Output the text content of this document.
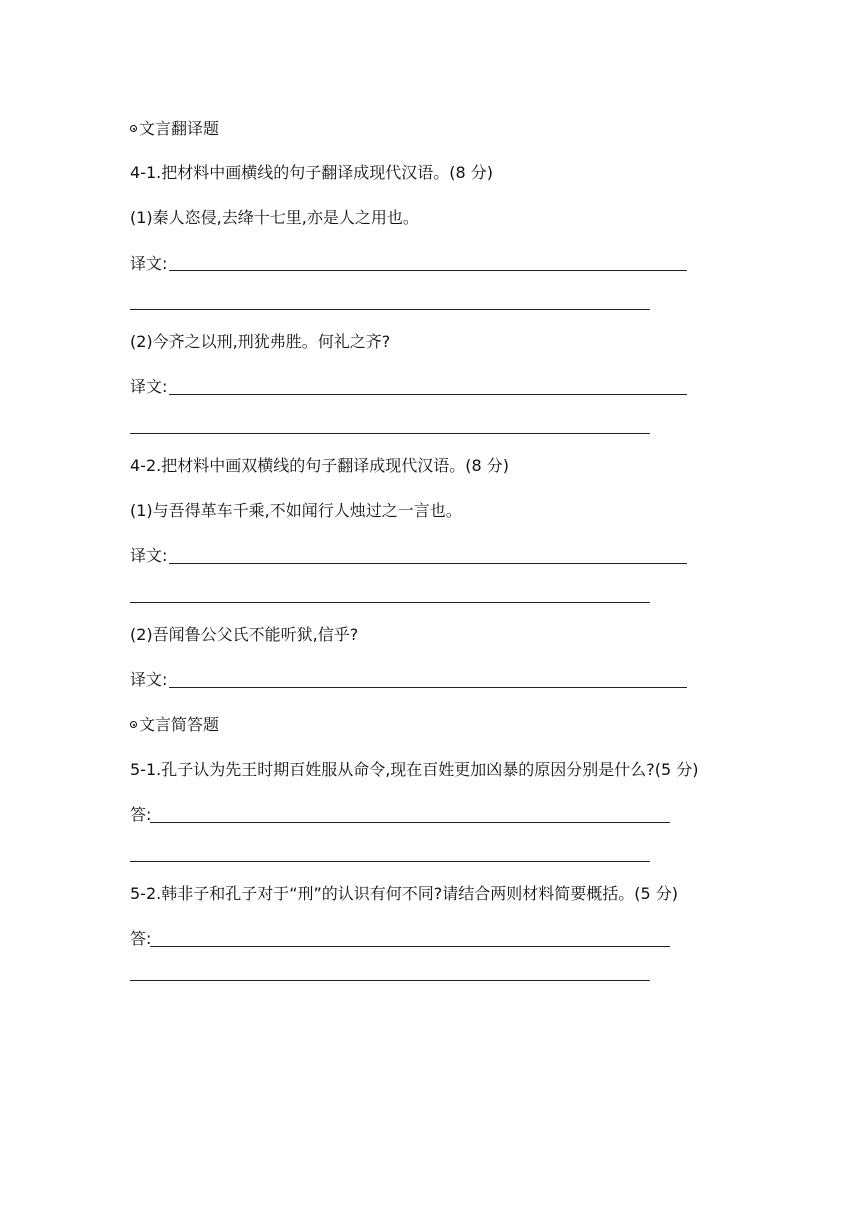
文言翻译题
4-1.把材料中画横线的句子翻译成现代汉语。(8 分)
(1)秦人恣侵,去绛十七里,亦是人之用也。
译文:
(2)今齐之以刑,刑犹弗胜。何礼之齐?
译文:
4-2.把材料中画双横线的句子翻译成现代汉语。(8 分)
(1)与吾得革车千乘,不如闻行人烛过之一言也。
译文:
(2)吾闻鲁公父氏不能听狱,信乎?
译文:
文言简答题
5-1.孔子认为先王时期百姓服从命令,现在百姓更加凶暴的原因分别是什么?(5 分)
答:
5-2.韩非子和孔子对于“刑”的认识有何不同?请结合两则材料简要概括。(5 分)
答:
